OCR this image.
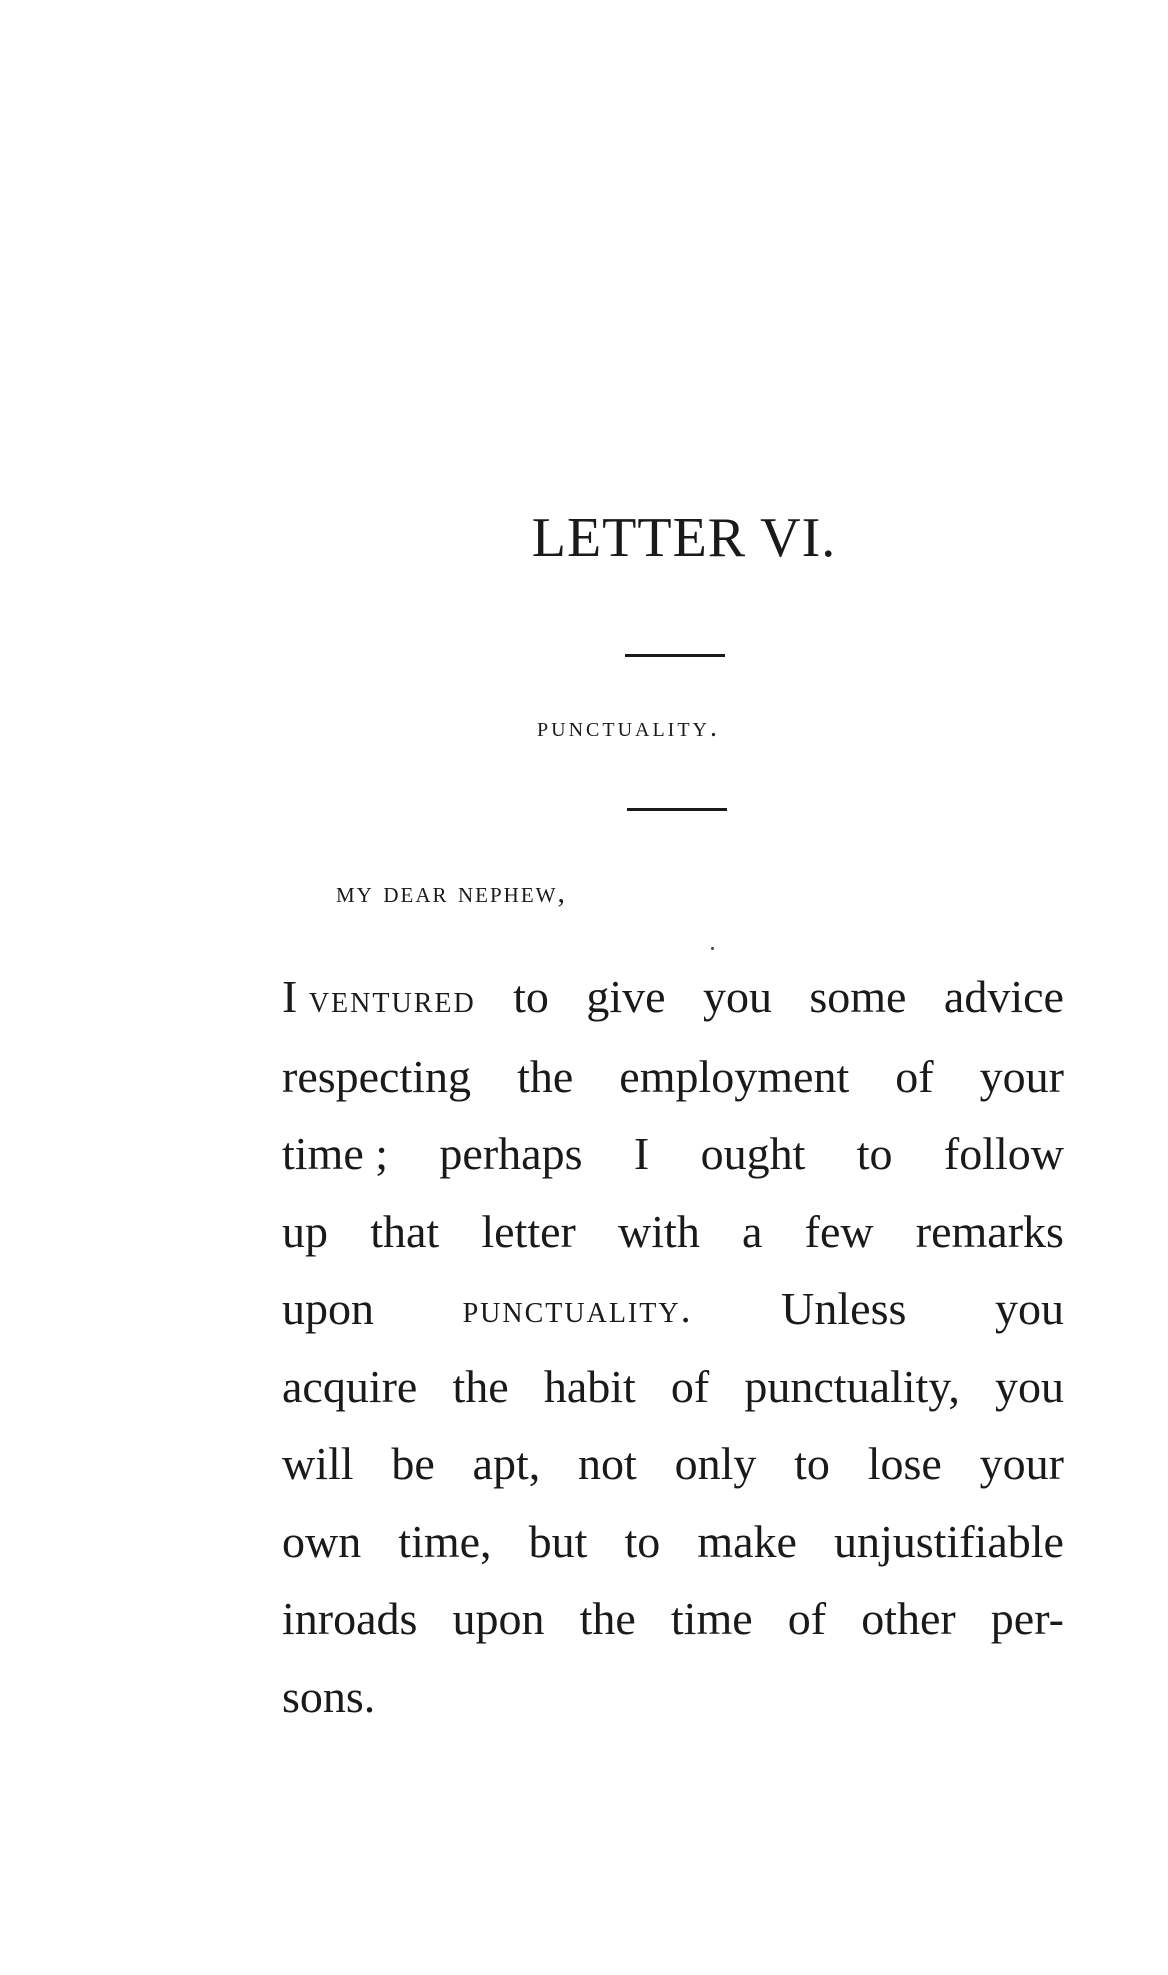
LETTER VI.
punctuality.
my dear nephew,
I ventured to give you some advice
respecting the employment of your
time ; perhaps I ought to follow
up that letter with a few remarks
upon punctuality. Unless you
acquire the habit of punctuality, you
will be apt, not only to lose your
own time, but to make unjustifiable
inroads upon the time of other per-
sons.
